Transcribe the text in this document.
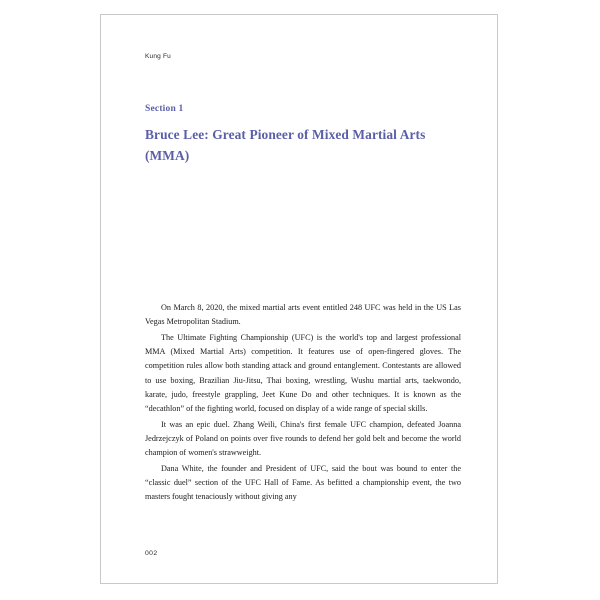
Kung Fu
Section 1
Bruce Lee: Great Pioneer of Mixed Martial Arts (MMA)

On March 8, 2020, the mixed martial arts event entitled 248 UFC was held in the US Las Vegas Metropolitan Stadium.

The Ultimate Fighting Championship (UFC) is the world's top and largest professional MMA (Mixed Martial Arts) competition. It features use of open-fingered gloves. The competition rules allow both standing attack and ground entanglement. Contestants are allowed to use boxing, Brazilian Jiu-Jitsu, Thai boxing, wrestling, Wushu martial arts, taekwondo, karate, judo, freestyle grappling, Jeet Kune Do and other techniques. It is known as the “decathlon” of the fighting world, focused on display of a wide range of special skills.

It was an epic duel. Zhang Weili, China's first female UFC champion, defeated Joanna Jedrzejczyk of Poland on points over five rounds to defend her gold belt and become the world champion of women's strawweight.

Dana White, the founder and President of UFC, said the bout was bound to enter the “classic duel” section of the UFC Hall of Fame. As befitted a championship event, the two masters fought tenaciously without giving any

002
